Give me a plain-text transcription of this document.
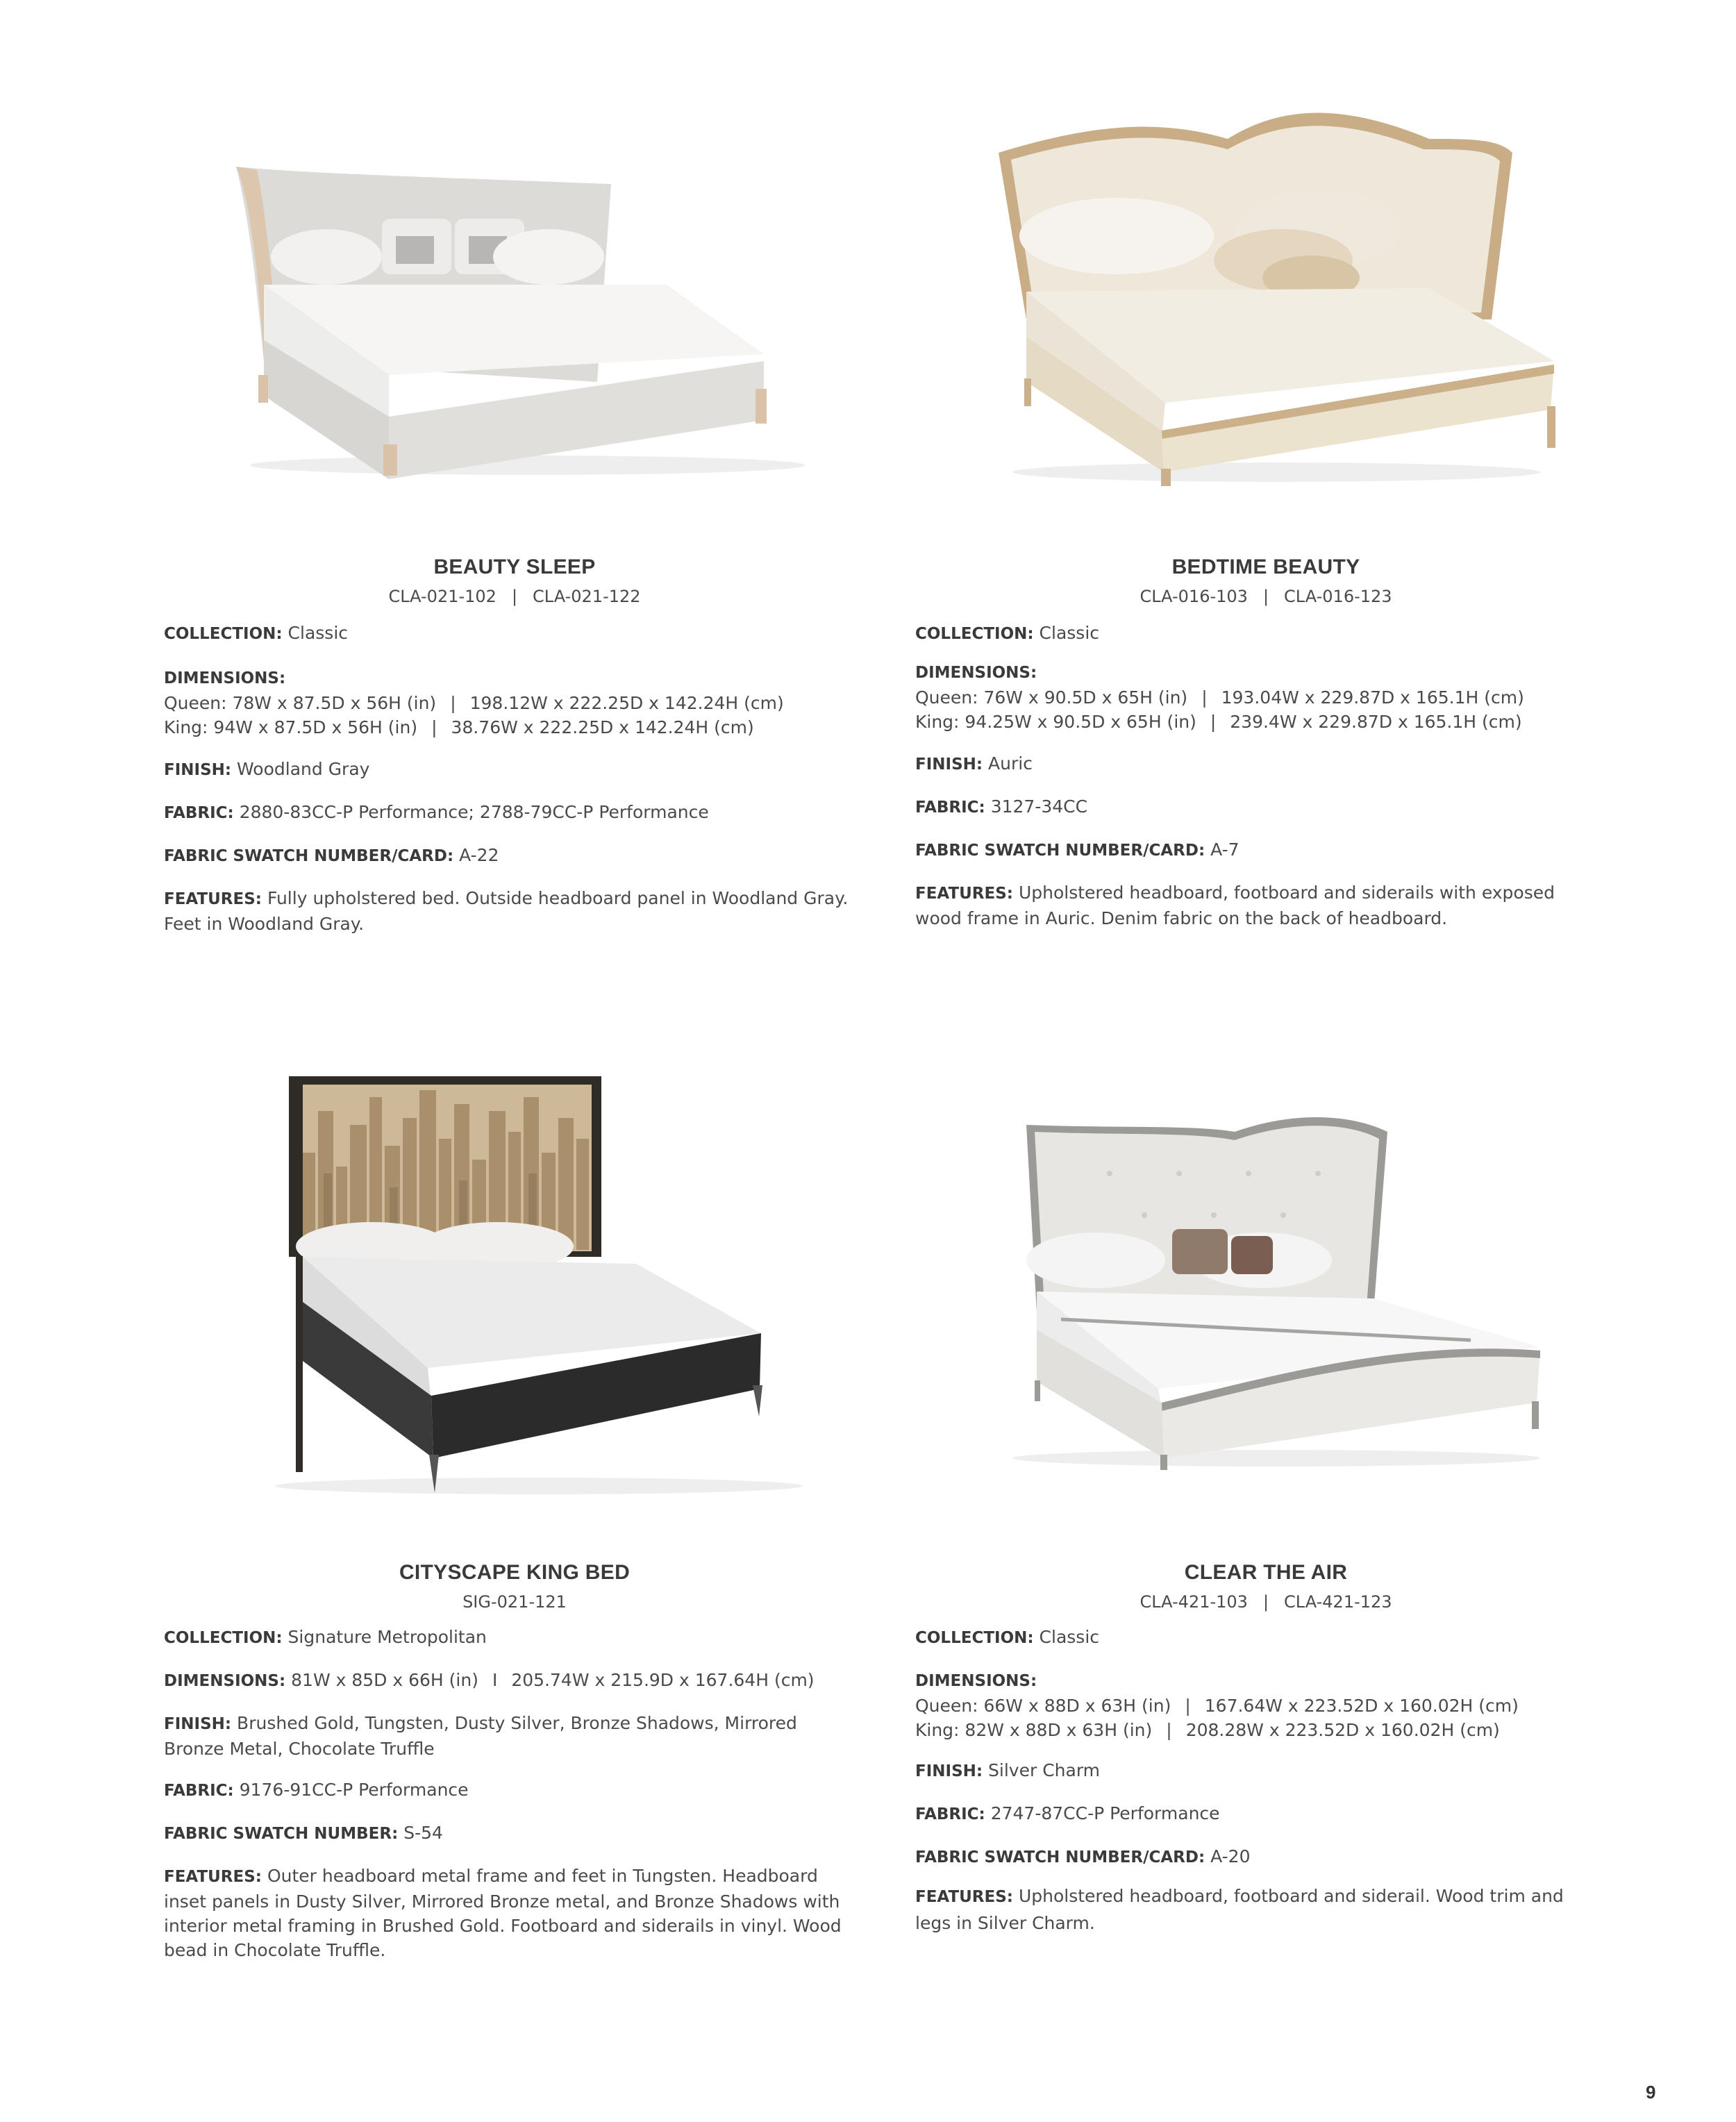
BEAUTY SLEEP
CLA-021-102 | CLA-021-122
COLLECTION: Classic
DIMENSIONS:
Queen: 78W x 87.5D x 56H (in) | 198.12W x 222.25D x 142.24H (cm)
King: 94W x 87.5D x 56H (in) | 38.76W x 222.25D x 142.24H (cm)
FINISH: Woodland Gray
FABRIC: 2880-83CC-P Performance; 2788-79CC-P Performance
FABRIC SWATCH NUMBER/CARD: A-22
FEATURES: Fully upholstered bed. Outside headboard panel in Woodland Gray. Feet in Woodland Gray.
BEDTIME BEAUTY
CLA-016-103 | CLA-016-123
COLLECTION: Classic
DIMENSIONS:
Queen: 76W x 90.5D x 65H (in) | 193.04W x 229.87D x 165.1H (cm)
King: 94.25W x 90.5D x 65H (in) | 239.4W x 229.87D x 165.1H (cm)
FINISH: Auric
FABRIC: 3127-34CC
FABRIC SWATCH NUMBER/CARD: A-7
FEATURES: Upholstered headboard, footboard and siderails with exposed wood frame in Auric. Denim fabric on the back of headboard.
CITYSCAPE KING BED
SIG-021-121
COLLECTION: Signature Metropolitan
DIMENSIONS: 81W x 85D x 66H (in) I 205.74W x 215.9D x 167.64H (cm)
FINISH: Brushed Gold, Tungsten, Dusty Silver, Bronze Shadows, Mirrored Bronze Metal, Chocolate Truffle
FABRIC: 9176-91CC-P Performance
FABRIC SWATCH NUMBER: S-54
FEATURES: Outer headboard metal frame and feet in Tungsten. Headboard inset panels in Dusty Silver, Mirrored Bronze metal, and Bronze Shadows with interior metal framing in Brushed Gold. Footboard and siderails in vinyl. Wood bead in Chocolate Truffle.
CLEAR THE AIR
CLA-421-103 | CLA-421-123
COLLECTION: Classic
DIMENSIONS:
Queen: 66W x 88D x 63H (in) | 167.64W x 223.52D x 160.02H (cm)
King: 82W x 88D x 63H (in) | 208.28W x 223.52D x 160.02H (cm)
FINISH: Silver Charm
FABRIC: 2747-87CC-P Performance
FABRIC SWATCH NUMBER/CARD: A-20
FEATURES: Upholstered headboard, footboard and siderail. Wood trim and legs in Silver Charm.
9
